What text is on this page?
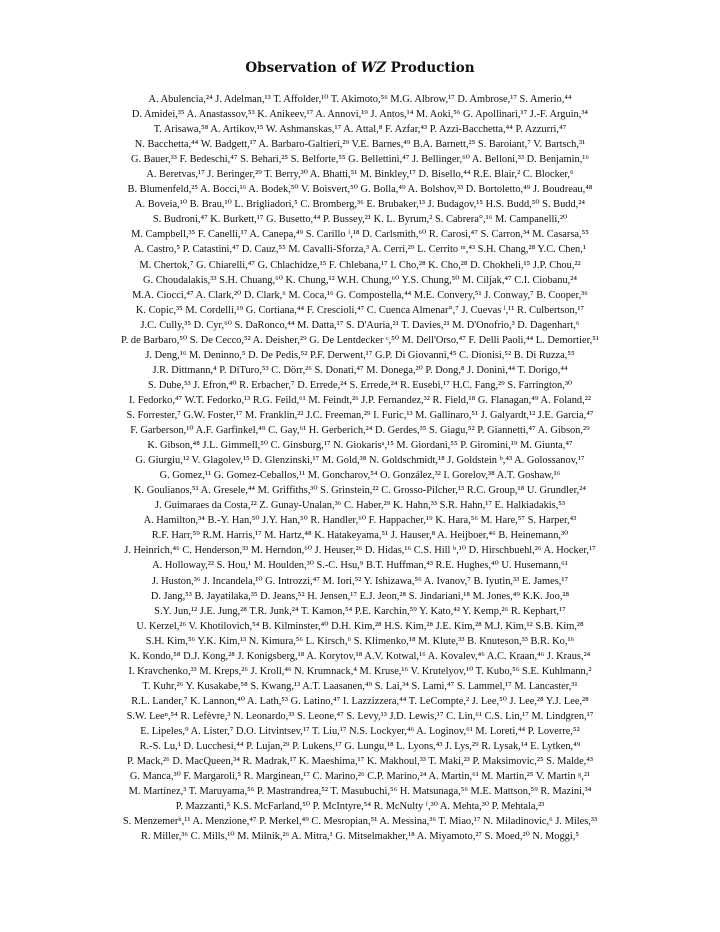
Observation of WZ Production
A. Abulencia,²⁴ J. Adelman,¹³ T. Affolder,¹⁰ T. Akimoto,⁵⁶ M.G. Albrow,¹⁷ D. Ambrose,¹⁷ S. Amerio,⁴⁴
D. Amidei,³⁵ A. Anastassov,⁵³ K. Anikeev,¹⁷ A. Annovi,¹⁹ J. Antos,¹⁴ M. Aoki,⁵⁶ G. Apollinari,¹⁷ J.-F. Arguin,³⁴
T. Arisawa,⁵⁸ A. Artikov,¹⁵ W. Ashmanskas,¹⁷ A. Attal,⁸ F. Azfar,⁴³ P. Azzi-Bacchetta,⁴⁴ P. Azzurri,⁴⁷
N. Bacchetta,⁴⁴ W. Badgett,¹⁷ A. Barbaro-Galtieri,²⁹ V.E. Barnes,⁴⁹ B.A. Barnett,²⁵ S. Baroiant,⁷ V. Bartsch,³¹
G. Bauer,³³ F. Bedeschi,⁴⁷ S. Behari,²⁵ S. Belforte,⁵⁵ G. Bellettini,⁴⁷ J. Bellinger,⁶⁰ A. Belloni,³³ D. Benjamin,¹⁶
A. Beretvas,¹⁷ J. Beringer,²⁹ T. Berry,³⁰ A. Bhatti,⁵¹ M. Binkley,¹⁷ D. Bisello,⁴⁴ R.E. Blair,² C. Blocker,⁶
B. Blumenfeld,²⁵ A. Bocci,¹⁶ A. Bodek,⁵⁰ V. Boisvert,⁵⁰ G. Bolla,⁴⁹ A. Bolshov,³³ D. Bortoletto,⁴⁹ J. Boudreau,⁴⁸
A. Boveia,¹⁰ B. Brau,¹⁰ L. Brigliadori,⁵ C. Bromberg,³⁶ E. Brubaker,¹³ J. Budagov,¹⁵ H.S. Budd,⁵⁰ S. Budd,²⁴
S. Budroni,⁴⁷ K. Burkett,¹⁷ G. Busetto,⁴⁴ P. Bussey,²¹ K. L. Byrum,² S. Cabrera°,¹⁶ M. Campanelli,²⁰
M. Campbell,³⁵ F. Canelli,¹⁷ A. Canepa,⁴⁹ S. Carillo ⁱ,¹⁸ D. Carlsmith,⁶⁰ R. Carosi,⁴⁷ S. Carron,³⁴ M. Casarsa,⁵⁵
A. Castro,⁵ P. Catastini,⁴⁷ D. Cauz,⁵⁵ M. Cavalli-Sforza,³ A. Cerri,²⁹ L. Cerrito ᵐ,⁴³ S.H. Chang,²⁸ Y.C. Chen,¹
M. Chertok,⁷ G. Chiarelli,⁴⁷ G. Chlachidze,¹⁵ F. Chlebana,¹⁷ I. Cho,²⁸ K. Cho,²⁸ D. Chokheli,¹⁵ J.P. Chou,²²
G. Choudalakis,³³ S.H. Chuang,⁶⁰ K. Chung,¹² W.H. Chung,⁶⁰ Y.S. Chung,⁵⁰ M. Ciljak,⁴⁷ C.I. Ciobanu,²⁴
M.A. Ciocci,⁴⁷ A. Clark,²⁰ D. Clark,⁶ M. Coca,¹⁶ G. Compostella,⁴⁴ M.E. Convery,⁵¹ J. Conway,⁷ B. Cooper,³⁶
K. Copic,³⁵ M. Cordelli,¹⁹ G. Cortiana,⁴⁴ F. Crescioli,⁴⁷ C. Cuenca Almenar°,⁷ J. Cuevas ˡ,¹¹ R. Culbertson,¹⁷
J.C. Cully,³⁵ D. Cyr,⁶⁰ S. DaRonco,⁴⁴ M. Datta,¹⁷ S. D'Auria,²¹ T. Davies,²¹ M. D'Onofrio,³ D. Dagenhart,⁶
P. de Barbaro,⁵⁰ S. De Cecco,⁵² A. Deisher,²⁹ G. De Lentdecker ᶜ,⁵⁰ M. Dell'Orso,⁴⁷ F. Delli Paoli,⁴⁴ L. Demortier,⁵¹
J. Deng,¹⁶ M. Deninno,⁵ D. De Pedis,⁵² P.F. Derwent,¹⁷ G.P. Di Giovanni,⁴⁵ C. Dionisi,⁵² B. Di Ruzza,⁵⁵
J.R. Dittmann,⁴ P. DiTuro,⁵³ C. Dörr,²⁶ S. Donati,⁴⁷ M. Donega,²⁰ P. Dong,⁸ J. Donini,⁴⁴ T. Dorigo,⁴⁴
S. Dube,⁵³ J. Efron,⁴⁰ R. Erbacher,⁷ D. Errede,²⁴ S. Errede,²⁴ R. Eusebi,¹⁷ H.C. Fang,²⁹ S. Farrington,³⁰
I. Fedorko,⁴⁷ W.T. Fedorko,¹³ R.G. Feild,⁶¹ M. Feindt,²⁶ J.P. Fernandez,³² R. Field,¹⁸ G. Flanagan,⁴⁹ A. Foland,²²
S. Forrester,⁷ G.W. Foster,¹⁷ M. Franklin,²² J.C. Freeman,²⁹ I. Furic,¹³ M. Gallinaro,⁵¹ J. Galyardt,¹² J.E. Garcia,⁴⁷
F. Garberson,¹⁰ A.F. Garfinkel,⁴⁹ C. Gay,⁶¹ H. Gerberich,²⁴ D. Gerdes,³⁵ S. Giagu,⁵² P. Giannetti,⁴⁷ A. Gibson,²⁹
K. Gibson,⁴⁸ J.L. Gimmell,⁵⁰ C. Ginsburg,¹⁷ N. Giokarisᵃ,¹⁵ M. Giordani,⁵⁵ P. Giromini,¹⁹ M. Giunta,⁴⁷
G. Giurgiu,¹² V. Glagolev,¹⁵ D. Glenzinski,¹⁷ M. Gold,³⁸ N. Goldschmidt,¹⁸ J. Goldstein ᵇ,⁴³ A. Golossanov,¹⁷
G. Gomez,¹¹ G. Gomez-Ceballos,¹¹ M. Goncharov,⁵⁴ O. González,³² I. Gorelov,³⁸ A.T. Goshaw,¹⁶
K. Goulianos,⁵¹ A. Gresele,⁴⁴ M. Griffiths,³⁰ S. Grinstein,²² C. Grosso-Pilcher,¹³ R.C. Group,¹⁸ U. Grundler,²⁴
J. Guimaraes da Costa,²² Z. Gunay-Unalan,³⁶ C. Haber,²⁹ K. Hahn,³³ S.R. Hahn,¹⁷ E. Halkiadakis,⁵³
A. Hamilton,³⁴ B.-Y. Han,⁵⁰ J.Y. Han,⁵⁰ R. Handler,⁶⁰ F. Happacher,¹⁹ K. Hara,⁵⁶ M. Hare,⁵⁷ S. Harper,⁴³
R.F. Harr,⁵⁹ R.M. Harris,¹⁷ M. Hartz,⁴⁸ K. Hatakeyama,⁵¹ J. Hauser,⁸ A. Heijboer,⁴⁶ B. Heinemann,³⁰
J. Heinrich,⁴⁶ C. Henderson,³³ M. Herndon,⁶⁰ J. Heuser,²⁶ D. Hidas,¹⁶ C.S. Hill ᵇ,¹⁰ D. Hirschbuehl,²⁶ A. Hocker,¹⁷
A. Holloway,²² S. Hou,¹ M. Houlden,³⁰ S.-C. Hsu,⁹ B.T. Huffman,⁴³ R.E. Hughes,⁴⁰ U. Husemann,⁶¹
J. Huston,³⁶ J. Incandela,¹⁰ G. Introzzi,⁴⁷ M. Iori,⁵² Y. Ishizawa,⁵⁶ A. Ivanov,⁷ B. Iyutin,³³ E. James,¹⁷
D. Jang,⁵³ B. Jayatilaka,³⁵ D. Jeans,⁵² H. Jensen,¹⁷ E.J. Jeon,²⁸ S. Jindariani,¹⁸ M. Jones,⁴⁹ K.K. Joo,²⁸
S.Y. Jun,¹² J.E. Jung,²⁸ T.R. Junk,²⁴ T. Kamon,⁵⁴ P.E. Karchin,⁵⁹ Y. Kato,⁴² Y. Kemp,²⁶ R. Kephart,¹⁷
U. Kerzel,²⁶ V. Khotilovich,⁵⁴ B. Kilminster,⁴⁰ D.H. Kim,²⁸ H.S. Kim,²⁸ J.E. Kim,²⁸ M.J. Kim,¹² S.B. Kim,²⁸
S.H. Kim,⁵⁶ Y.K. Kim,¹³ N. Kimura,⁵⁶ L. Kirsch,⁶ S. Klimenko,¹⁸ M. Klute,³³ B. Knuteson,³³ B.R. Ko,¹⁶
K. Kondo,⁵⁸ D.J. Kong,²⁸ J. Konigsberg,¹⁸ A. Korytov,¹⁸ A.V. Kotwal,¹⁶ A. Kovalev,⁴⁶ A.C. Kraan,⁴⁶ J. Kraus,²⁴
I. Kravchenko,³³ M. Kreps,²⁶ J. Kroll,⁴⁶ N. Krumnack,⁴ M. Kruse,¹⁶ V. Krutelyov,¹⁰ T. Kubo,⁵⁶ S.E. Kuhlmann,²
T. Kuhr,²⁶ Y. Kusakabe,⁵⁸ S. Kwang,¹³ A.T. Laasanen,⁴⁹ S. Lai,³⁴ S. Lami,⁴⁷ S. Lammel,¹⁷ M. Lancaster,³¹
R.L. Lander,⁷ K. Lannon,⁴⁰ A. Lath,⁵³ G. Latino,⁴⁷ I. Lazzizzera,⁴⁴ T. LeCompte,² J. Lee,⁵⁰ J. Lee,²⁸ Y.J. Lee,²⁸
S.W. Leeⁿ,⁵⁴ R. Lefèvre,³ N. Leonardo,³³ S. Leone,⁴⁷ S. Levy,¹³ J.D. Lewis,¹⁷ C. Lin,⁶¹ C.S. Lin,¹⁷ M. Lindgren,¹⁷
E. Lipeles,⁹ A. Lister,⁷ D.O. Litvintsev,¹⁷ T. Liu,¹⁷ N.S. Lockyer,⁴⁶ A. Loginov,⁶¹ M. Loreti,⁴⁴ P. Loverre,⁵²
R.-S. Lu,¹ D. Lucchesi,⁴⁴ P. Lujan,²⁹ P. Lukens,¹⁷ G. Lungu,¹⁸ L. Lyons,⁴³ J. Lys,²⁹ R. Lysak,¹⁴ E. Lytken,⁴⁹
P. Mack,²⁶ D. MacQueen,³⁴ R. Madrak,¹⁷ K. Maeshima,¹⁷ K. Makhoul,³³ T. Maki,²³ P. Maksimovic,²⁵ S. Malde,⁴³
G. Manca,³⁰ F. Margaroli,⁵ R. Marginean,¹⁷ C. Marino,²⁶ C.P. Marino,²⁴ A. Martin,⁶¹ M. Martin,²⁵ V. Martin ᵍ,²¹
M. Martínez,³ T. Maruyama,⁵⁶ P. Mastrandrea,⁵² T. Masubuchi,⁵⁶ H. Matsunaga,⁵⁶ M.E. Mattson,⁵⁹ R. Mazini,³⁴
P. Mazzanti,⁵ K.S. McFarland,⁵⁰ P. McIntyre,⁵⁴ R. McNulty ᶠ,³⁰ A. Mehta,³⁰ P. Mehtala,²³
S. Menzemerʰ,¹¹ A. Menzione,⁴⁷ P. Merkel,⁴⁹ C. Mesropian,⁵¹ A. Messina,³⁶ T. Miao,¹⁷ N. Miladinovic,⁶ J. Miles,³³
R. Miller,³⁶ C. Mills,¹⁰ M. Milnik,²⁶ A. Mitra,¹ G. Mitselmakher,¹⁸ A. Miyamoto,²⁷ S. Moed,²⁰ N. Moggi,⁵
